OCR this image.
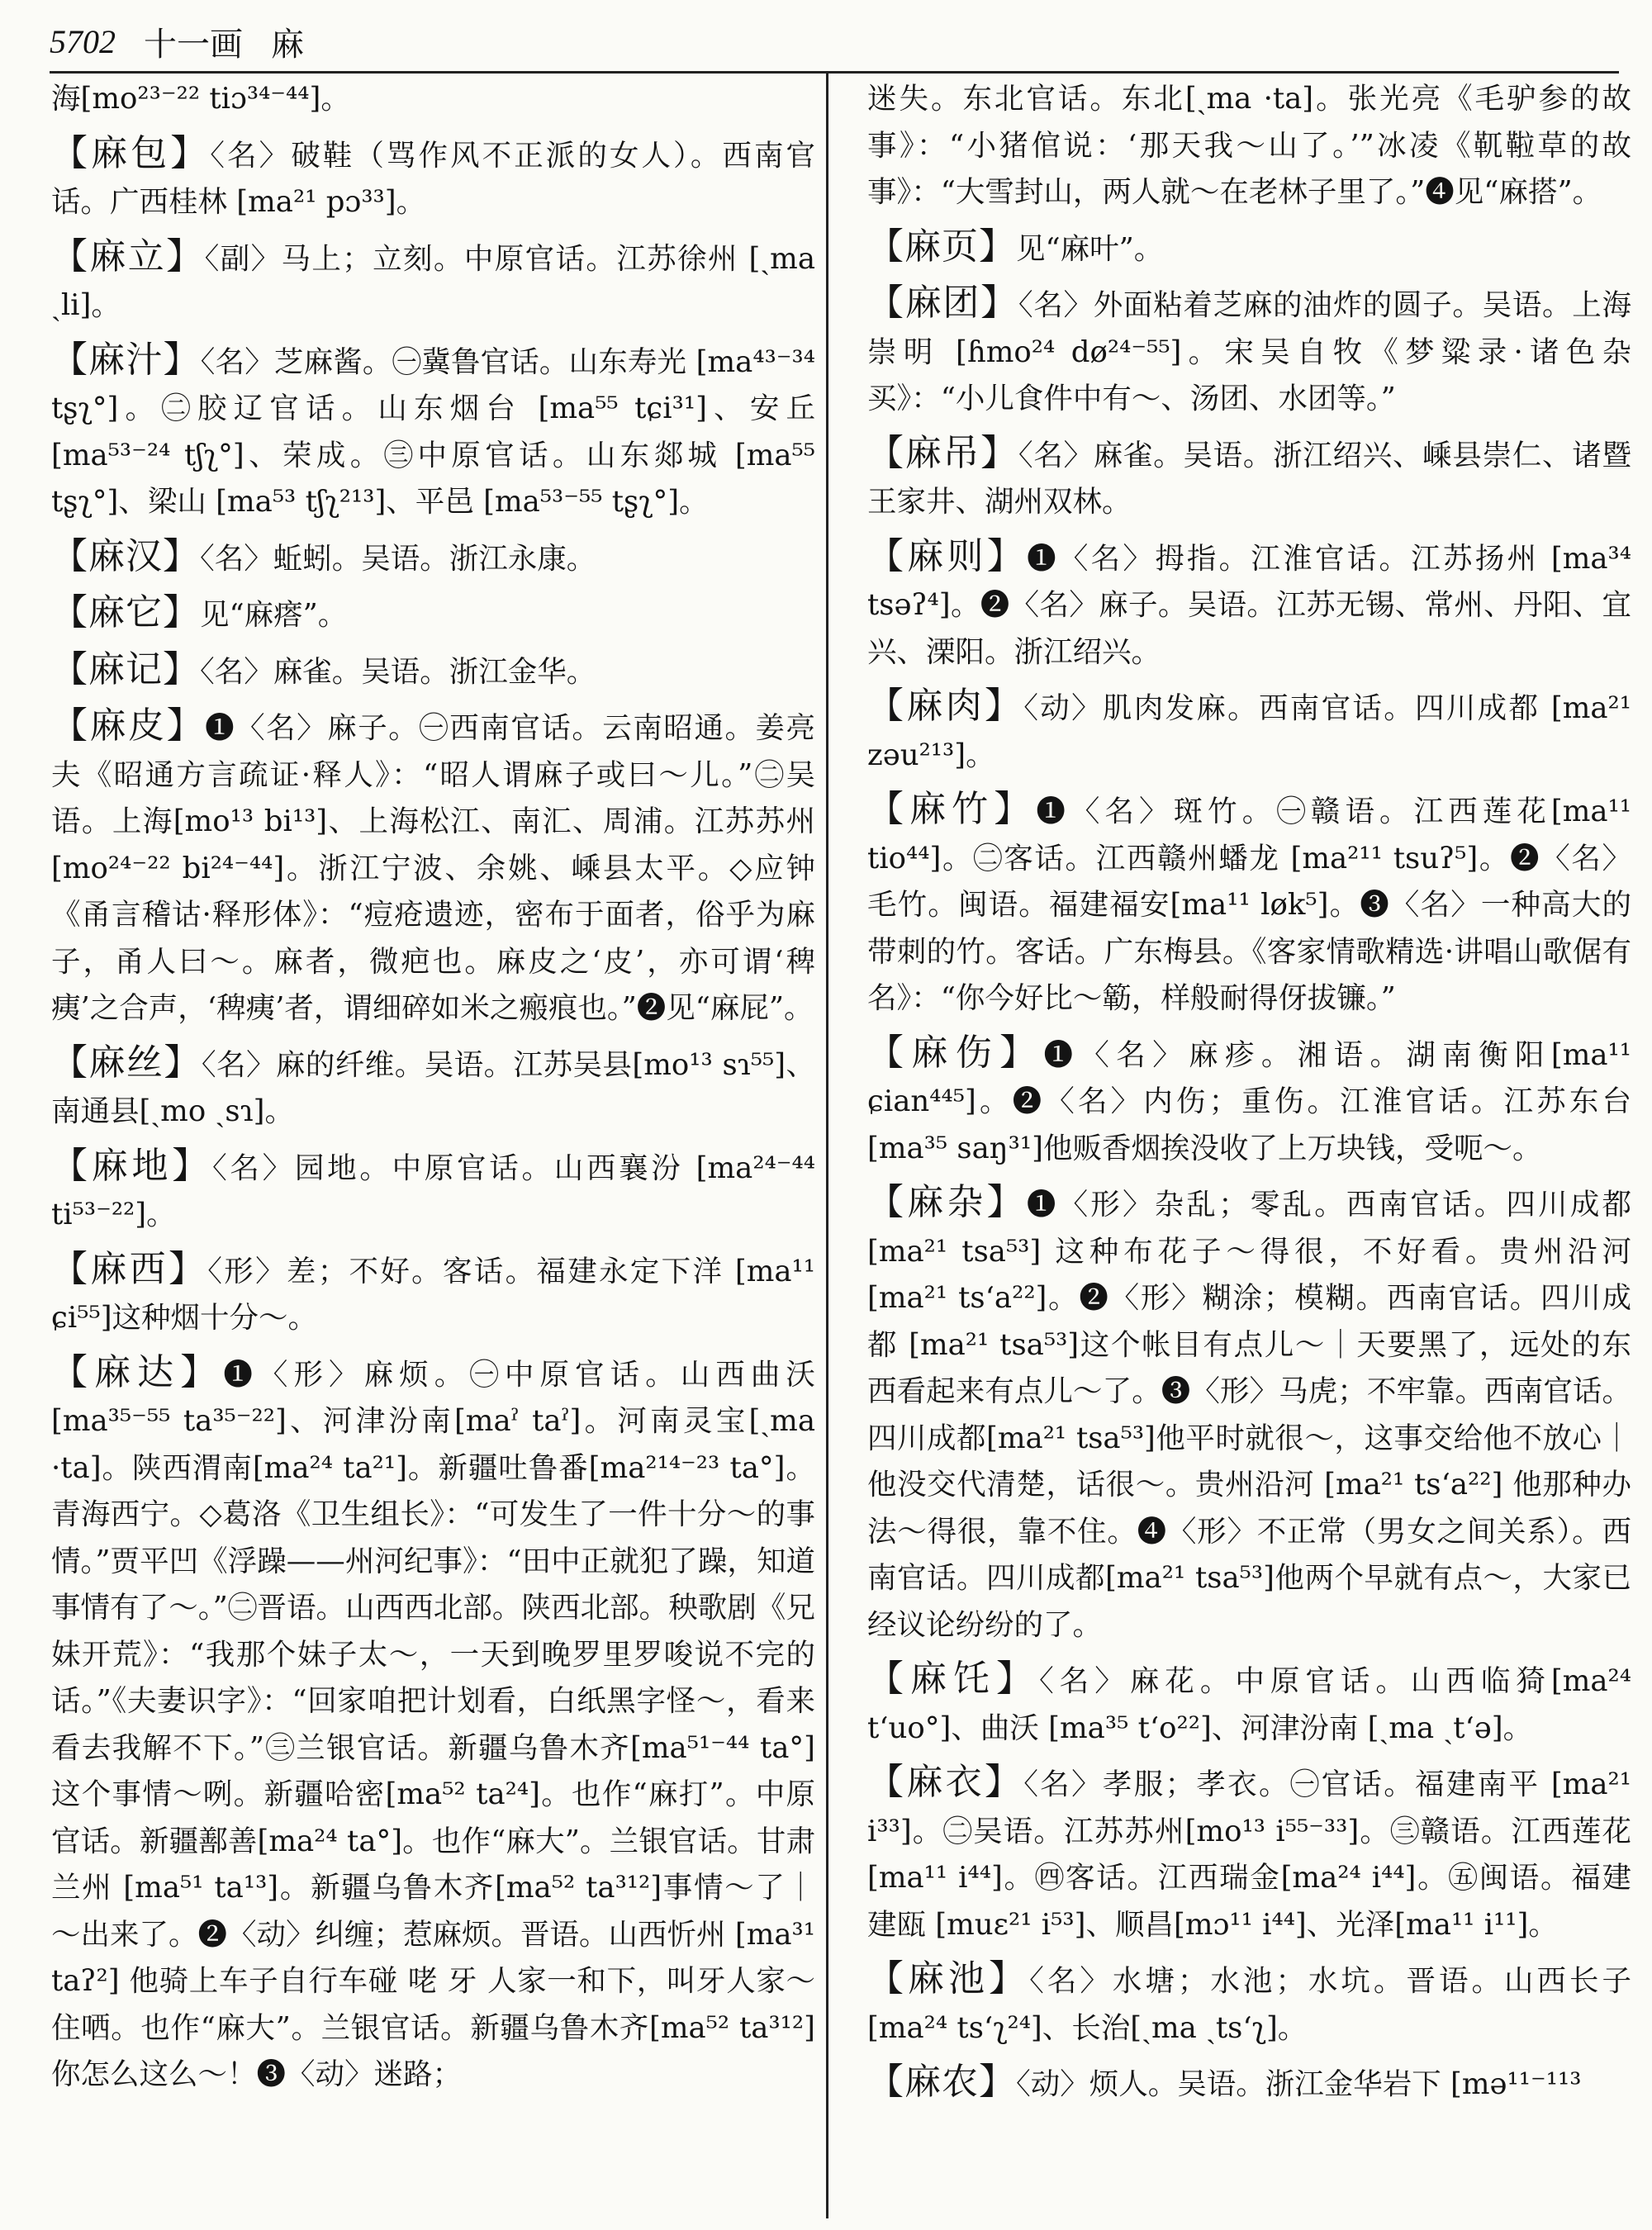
5702 十一画 麻

海[mo²³⁻²² tiɔ³⁴⁻⁴⁴]。

【麻包】〈名〉破鞋（骂作风不正派的女人）。西南官话。广西桂林 [ma²¹ pɔ³³]。

【麻立】〈副〉马上；立刻。中原官话。江苏徐州 [ˏma ˏli]。

【麻汁】〈名〉芝麻酱。㊀冀鲁官话。山东寿光 [ma⁴³⁻³⁴ tʂʅ°]。㊁胶辽官话。山东烟台 [ma⁵⁵ tɕi³¹]、安丘 [ma⁵³⁻²⁴ tʃʅ°]、荣成。㊂中原官话。山东郯城 [ma⁵⁵ tʂʅ°]、梁山 [ma⁵³ tʃʅ²¹³]、平邑 [ma⁵³⁻⁵⁵ tʂʅ°]。

【麻汉】〈名〉蚯蚓。吴语。浙江永康。

【麻它】见“麻瘩”。

【麻记】〈名〉麻雀。吴语。浙江金华。

【麻皮】❶〈名〉麻子。㊀西南官话。云南昭通。姜亮夫《昭通方言疏证·释人》：“昭人谓麻子或曰～儿。”㊁吴语。上海[mo¹³ bi¹³]、上海松江、南汇、周浦。江苏苏州 [mo²⁴⁻²² bi²⁴⁻⁴⁴]。浙江宁波、余姚、嵊县太平。◇应钟《甬言稽诂·释形体》：“痘疮遗迹，密布于面者，俗乎为麻子，甬人曰～。麻者，微疤也。麻皮之‘皮’，亦可谓‘稗痍’之合声，‘稗痍’者，谓细碎如米之瘢痕也。”❷见“麻屁”。

【麻丝】〈名〉麻的纤维。吴语。江苏吴县[mo¹³ sɿ⁵⁵]、南通县[ˏmo ˏsɿ]。

【麻地】〈名〉园地。中原官话。山西襄汾 [ma²⁴⁻⁴⁴ ti⁵³⁻²²]。

【麻西】〈形〉差；不好。客话。福建永定下洋 [ma¹¹ ɕi⁵⁵]这种烟十分～。

【麻达】❶〈形〉麻烦。㊀中原官话。山西曲沃[ma³⁵⁻⁵⁵ ta³⁵⁻²²]、河津汾南[maˀ taˀ]。河南灵宝[ˏma ·ta]。陕西渭南[ma²⁴ ta²¹]。新疆吐鲁番[ma²¹⁴⁻²³ ta°]。青海西宁。◇葛洛《卫生组长》：“可发生了一件十分～的事情。”贾平凹《浮躁——州河纪事》：“田中正就犯了躁，知道事情有了～。”㊁晋语。山西西北部。陕西北部。秧歌剧《兄妹开荒》：“我那个妹子太～，一天到晚罗里罗唆说不完的话。”《夫妻识字》：“回家咱把计划看，白纸黑字怪～，看来看去我解不下。”㊂兰银官话。新疆乌鲁木齐[ma⁵¹⁻⁴⁴ ta°]这个事情～咧。新疆哈密[ma⁵² ta²⁴]。也作“麻打”。中原官话。新疆鄯善[ma²⁴ ta°]。也作“麻大”。兰银官话。甘肃兰州 [ma⁵¹ ta¹³]。新疆乌鲁木齐[ma⁵² ta³¹²]事情～了｜～出来了。❷〈动〉纠缠；惹麻烦。晋语。山西忻州 [ma³¹ taʔ²] 他骑上车子自行车碰 咾 牙 人家一和下，叫牙人家～住哂。也作“麻大”。兰银官话。新疆乌鲁木齐[ma⁵² ta³¹²]你怎么这么～！❸〈动〉迷路；

迷失。东北官话。东北[ˏma ·ta]。张光亮《毛驴参的故事》：“小猪倌说：‘那天我～山了。’”冰凌《靰鞡草的故事》：“大雪封山，两人就～在老林子里了。”❹见“麻搭”。

【麻页】见“麻叶”。

【麻团】〈名〉外面粘着芝麻的油炸的圆子。吴语。上海崇明 [ɦmo²⁴ dø²⁴⁻⁵⁵]。宋吴自牧《梦粱录·诸色杂买》：“小儿食件中有～、汤团、水团等。”

【麻吊】〈名〉麻雀。吴语。浙江绍兴、嵊县崇仁、诸暨王家井、湖州双林。

【麻则】❶〈名〉拇指。江淮官话。江苏扬州 [ma³⁴ tsəʔ⁴]。❷〈名〉麻子。吴语。江苏无锡、常州、丹阳、宜兴、溧阳。浙江绍兴。

【麻肉】〈动〉肌肉发麻。西南官话。四川成都 [ma²¹ zəu²¹³]。

【麻竹】❶〈名〉斑竹。㊀赣语。江西莲花[ma¹¹ tio⁴⁴]。㊁客话。江西赣州蟠龙 [ma²¹¹ tsuʔ⁵]。❷〈名〉毛竹。闽语。福建福安[ma¹¹ løk⁵]。❸〈名〉一种高大的带刺的竹。客话。广东梅县。《客家情歌精选·讲唱山歌倨有名》：“你今好比～簕，样般耐得伢拔镰。”

【麻伤】❶〈名〉麻疹。湘语。湖南衡阳[ma¹¹ ɕian⁴⁴⁵]。❷〈名〉内伤；重伤。江淮官话。江苏东台[ma³⁵ saŋ³¹]他贩香烟挨没收了上万块钱，受呃～。

【麻杂】❶〈形〉杂乱；零乱。西南官话。四川成都 [ma²¹ tsa⁵³] 这种布花子～得很，不好看。贵州沿河 [ma²¹ tsʻa²²]。❷〈形〉糊涂；模糊。西南官话。四川成都 [ma²¹ tsa⁵³]这个帐目有点儿～｜天要黑了，远处的东西看起来有点儿～了。❸〈形〉马虎；不牢靠。西南官话。四川成都[ma²¹ tsa⁵³]他平时就很～，这事交给他不放心｜他没交代清楚，话很～。贵州沿河 [ma²¹ tsʻa²²] 他那种办法～得很，靠不住。❹〈形〉不正常（男女之间关系）。西南官话。四川成都[ma²¹ tsa⁵³]他两个早就有点～，大家已经议论纷纷的了。

【麻饦】〈名〉麻花。中原官话。山西临猗[ma²⁴ tʻuo°]、曲沃 [ma³⁵ tʻo²²]、河津汾南 [ˏma ˏtʻə]。

【麻衣】〈名〉孝服；孝衣。㊀官话。福建南平 [ma²¹ i³³]。㊁吴语。江苏苏州[mo¹³ i⁵⁵⁻³³]。㊂赣语。江西莲花[ma¹¹ i⁴⁴]。㊃客话。江西瑞金[ma²⁴ i⁴⁴]。㊄闽语。福建建瓯 [muɛ²¹ i⁵³]、顺昌[mɔ¹¹ i⁴⁴]、光泽[ma¹¹ i¹¹]。

【麻池】〈名〉水塘；水池；水坑。晋语。山西长子[ma²⁴ tsʻʅ²⁴]、长治[ˏma ˏtsʻʅ]。

【麻农】〈动〉烦人。吴语。浙江金华岩下 [mə¹¹⁻¹¹³
